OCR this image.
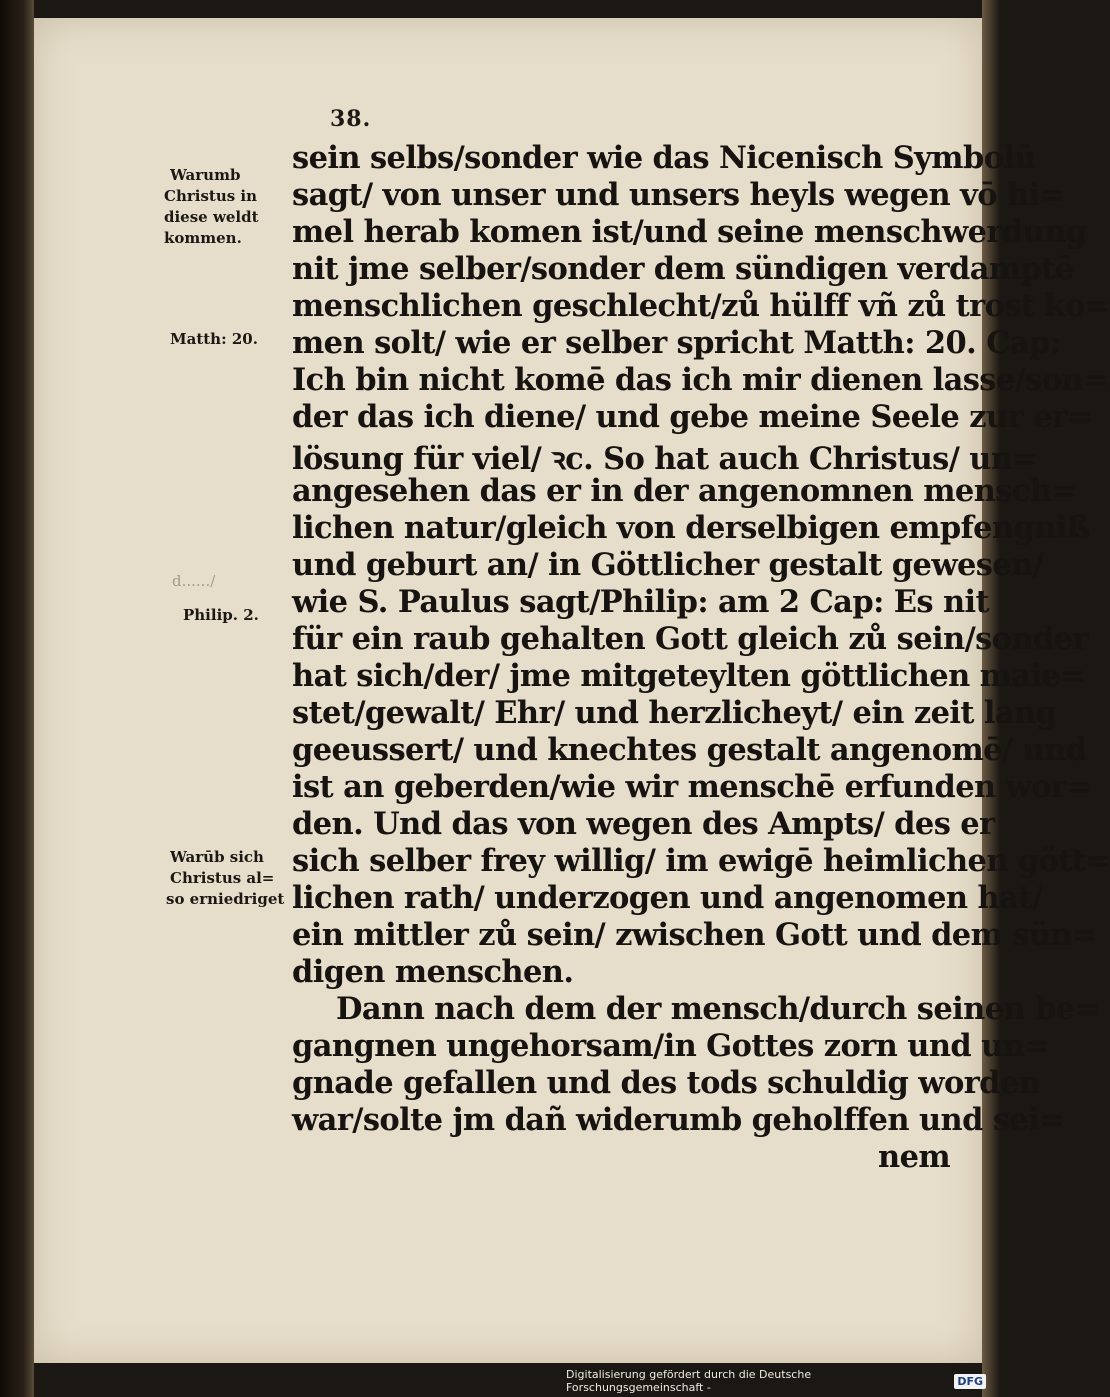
38.
Warumb
Christus in
diese weldt
kommen.
Matth: 20.
d....../
Philip. 2.
Warūb sich
Christus al=
so erniedriget
sein selbs/sonder wie das Nicenisch Symbolū
sagt/ von unser und unsers heyls wegen vō hi=
mel herab komen ist/und seine menschwerdung
nit jme selber/sonder dem sündigen verdamptē
menschlichen geschlecht/zů hülff vñ zů trost ko=
men solt/ wie er selber spricht Matth: 20. Cap:
Ich bin nicht komē das ich mir dienen lasse/son=
der das ich diene/ und gebe meine Seele zur er=
lösung für viel/ ꝛc. So hat auch Christus/ un=
angesehen das er in der angenomnen mensch=
lichen natur/gleich von derselbigen empfengniß
und geburt an/ in Göttlicher gestalt gewesen/
wie S. Paulus sagt/Philip: am 2 Cap: Es nit
für ein raub gehalten Gott gleich zů sein/sonder
hat sich/der/ jme mitgeteylten göttlichen maie=
stet/gewalt/ Ehr/ und herzlicheyt/ ein zeit lang
geeussert/ und knechtes gestalt angenomē/ und
ist an geberden/wie wir menschē erfunden wor=
den. Und das von wegen des Ampts/ des er
sich selber frey willig/ im ewigē heimlichen gött=
lichen rath/ underzogen und angenomen hat/
ein mittler zů sein/ zwischen Gott und dem sün=
digen menschen.
Dann nach dem der mensch/durch seinen be=
gangnen ungehorsam/in Gottes zorn und un=
gnade gefallen und des tods schuldig worden
war/solte jm dañ widerumb geholffen und sei=
nem
Digitalisierung gefördert durch die Deutsche Forschungsgemeinschaft -	DFG
